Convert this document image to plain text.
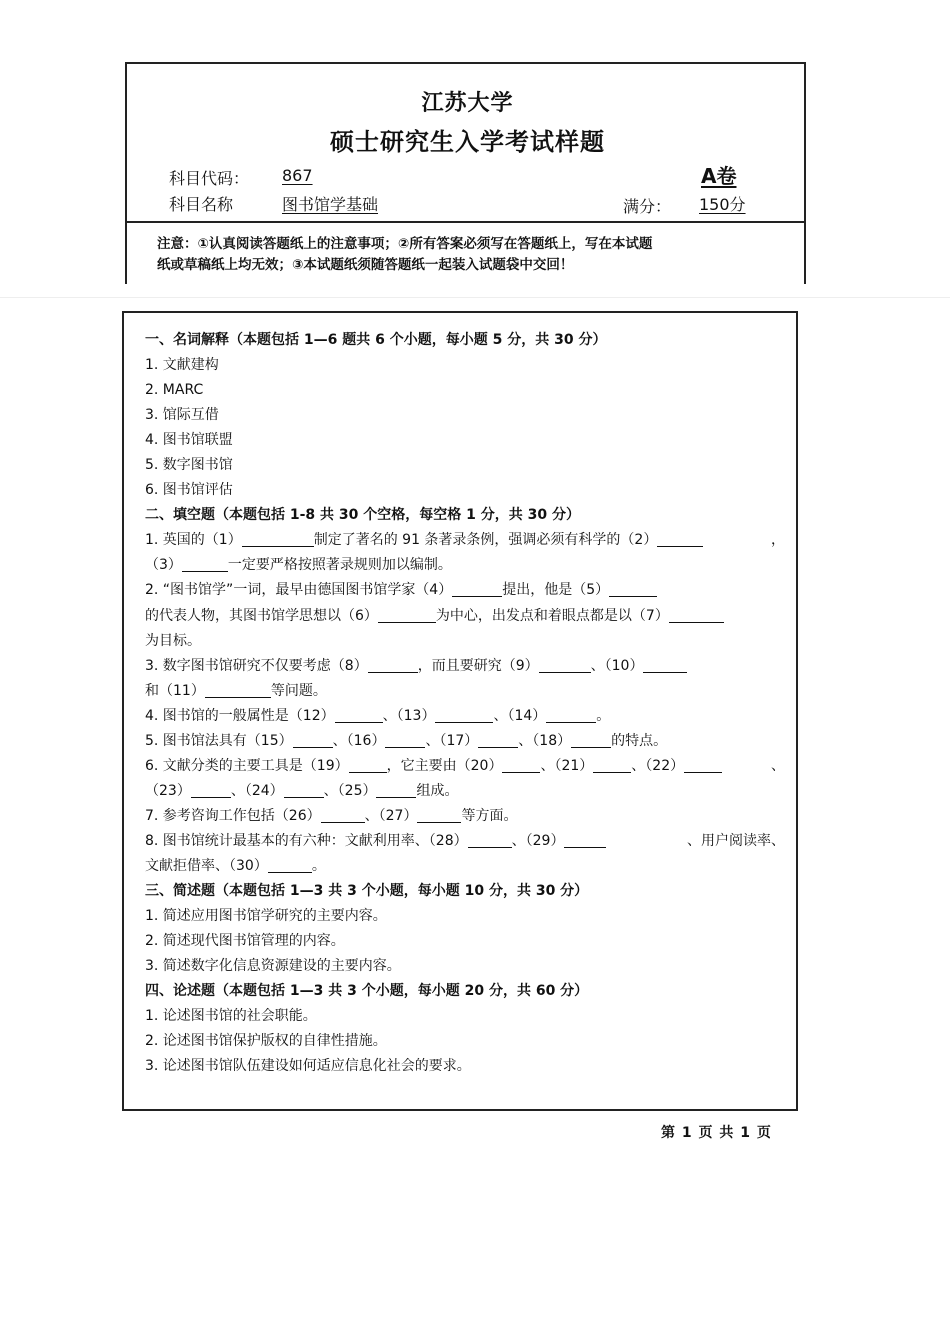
江苏大学
硕士研究生入学考试样题
科目代码： 867	A卷
科目名称	图书馆学基础	满分： 150分
注意：①认真阅读答题纸上的注意事项；②所有答案必须写在答题纸上，写在本试题
纸或草稿纸上均无效；③本试题纸须随答题纸一起装入试题袋中交回！
一、名词解释（本题包括 1—6 题共 6 个小题，每小题 5 分，共 30 分）
1. 文献建构
2. MARC
3. 馆际互借
4. 图书馆联盟
5. 数字图书馆
6. 图书馆评估
二、填空题（本题包括 1-8 共 30 个空格，每空格 1 分，共 30 分）
1. 英国的（1）	制定了著名的 91 条著录条例，强调必须有科学的（2）	，
（3）	一定要严格按照著录规则加以编制。
2. “图书馆学”一词，最早由德国图书馆学家（4）	提出，他是（5）
的代表人物，其图书馆学思想以（6）	为中心，出发点和着眼点都是以（7）
为目标。
3. 数字图书馆研究不仅要考虑（8）	，而且要研究（9）	、（10）
和（11）	等问题。
4. 图书馆的一般属性是（12）	、（13）	、（14）	。
5. 图书馆法具有（15）	、（16）	、（17）	、（18）	的特点。
6. 文献分类的主要工具是（19）	，它主要由（20）	、（21）	、（22）	、
（23）	、（24）	、（25）	组成。
7. 参考咨询工作包括（26）	、（27）	等方面。
8. 图书馆统计最基本的有六种：文献利用率、（28）	、（29）	、用户阅读率、
文献拒借率、（30）	。
三、简述题（本题包括 1—3 共 3 个小题，每小题 10 分，共 30 分）
1. 简述应用图书馆学研究的主要内容。
2. 简述现代图书馆管理的内容。
3. 简述数字化信息资源建设的主要内容。
四、论述题（本题包括 1—3 共 3 个小题，每小题 20 分，共 60 分）
1. 论述图书馆的社会职能。
2. 论述图书馆保护版权的自律性措施。
3. 论述图书馆队伍建设如何适应信息化社会的要求。
第 1 页 共 1 页
